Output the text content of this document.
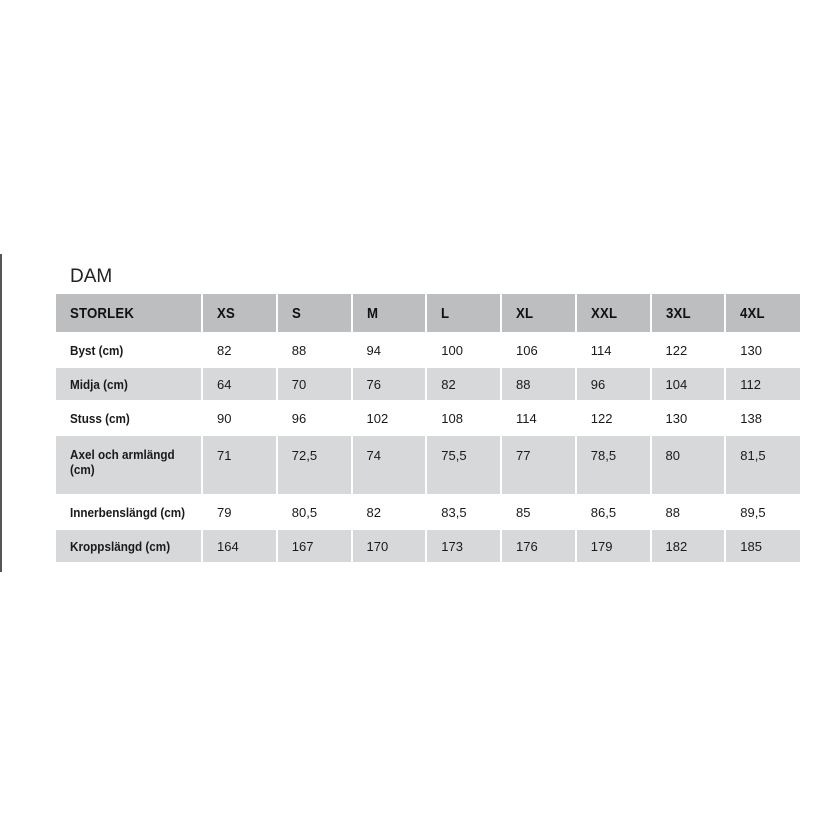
DAM
STORLEK	XS	S	M	L	XL	XXL	3XL	4XL
Byst (cm)	82	88	94	100	106	114	122	130
Midja (cm)	64	70	76	82	88	96	104	112
Stuss (cm)	90	96	102	108	114	122	130	138
Axel och armlängd (cm)	71	72,5	74	75,5	77	78,5	80	81,5
Innerbenslängd (cm)	79	80,5	82	83,5	85	86,5	88	89,5
Kroppslängd (cm)	164	167	170	173	176	179	182	185
